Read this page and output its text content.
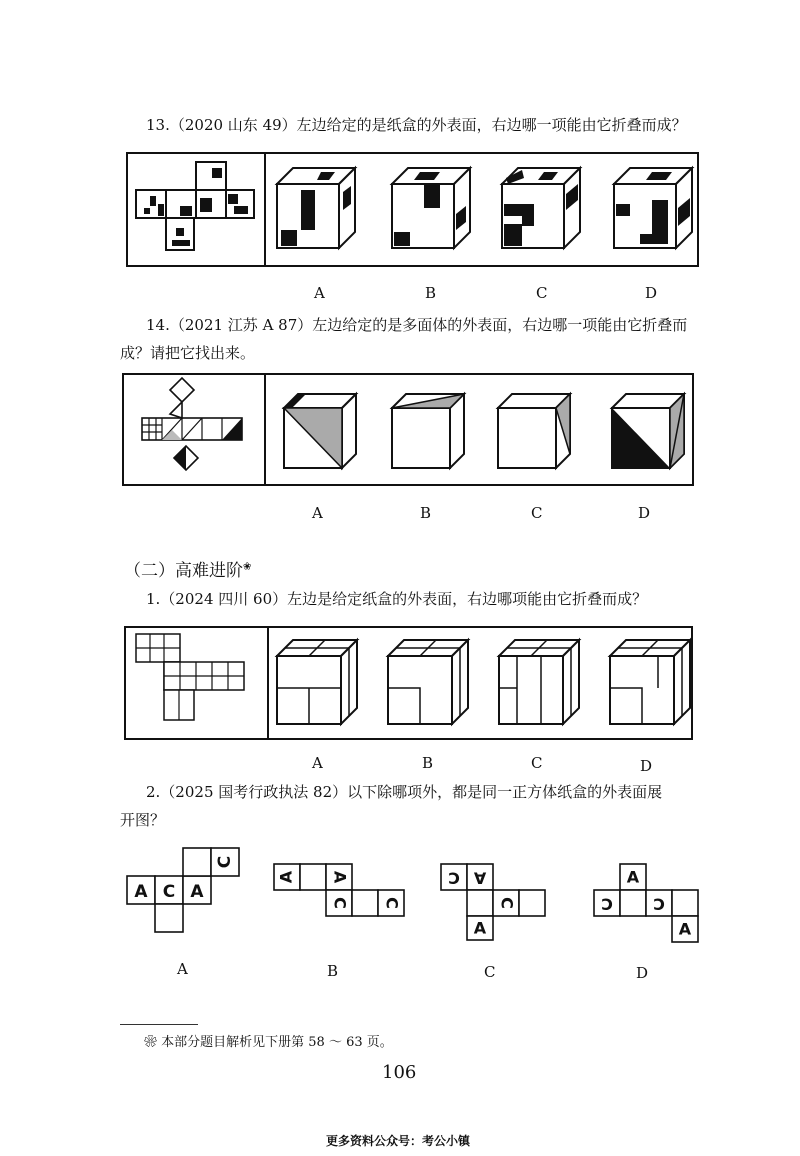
13.（2020 山东 49）左边给定的是纸盒的外表面，右边哪一项能由它折叠而成？
A	B	C	D
14.（2021 江苏 A 87）左边给定的是多面体的外表面，右边哪一项能由它折叠而
成？请把它找出来。
A	B	C	D
（二）高难进阶❀
1.（2024 四川 60）左边是给定纸盒的外表面，右边哪项能由它折叠而成？
A	B	C	D
2.（2025 国考行政执法 82）以下除哪项外，都是同一正方体纸盒的外表面展
开图？
A C A
C
A A
C C
C A
C
A
A
C	C
A
A	B	C	D
❀ 本部分题目解析见下册第 58 ～ 63 页。
106
更多资料公众号：考公小镇
